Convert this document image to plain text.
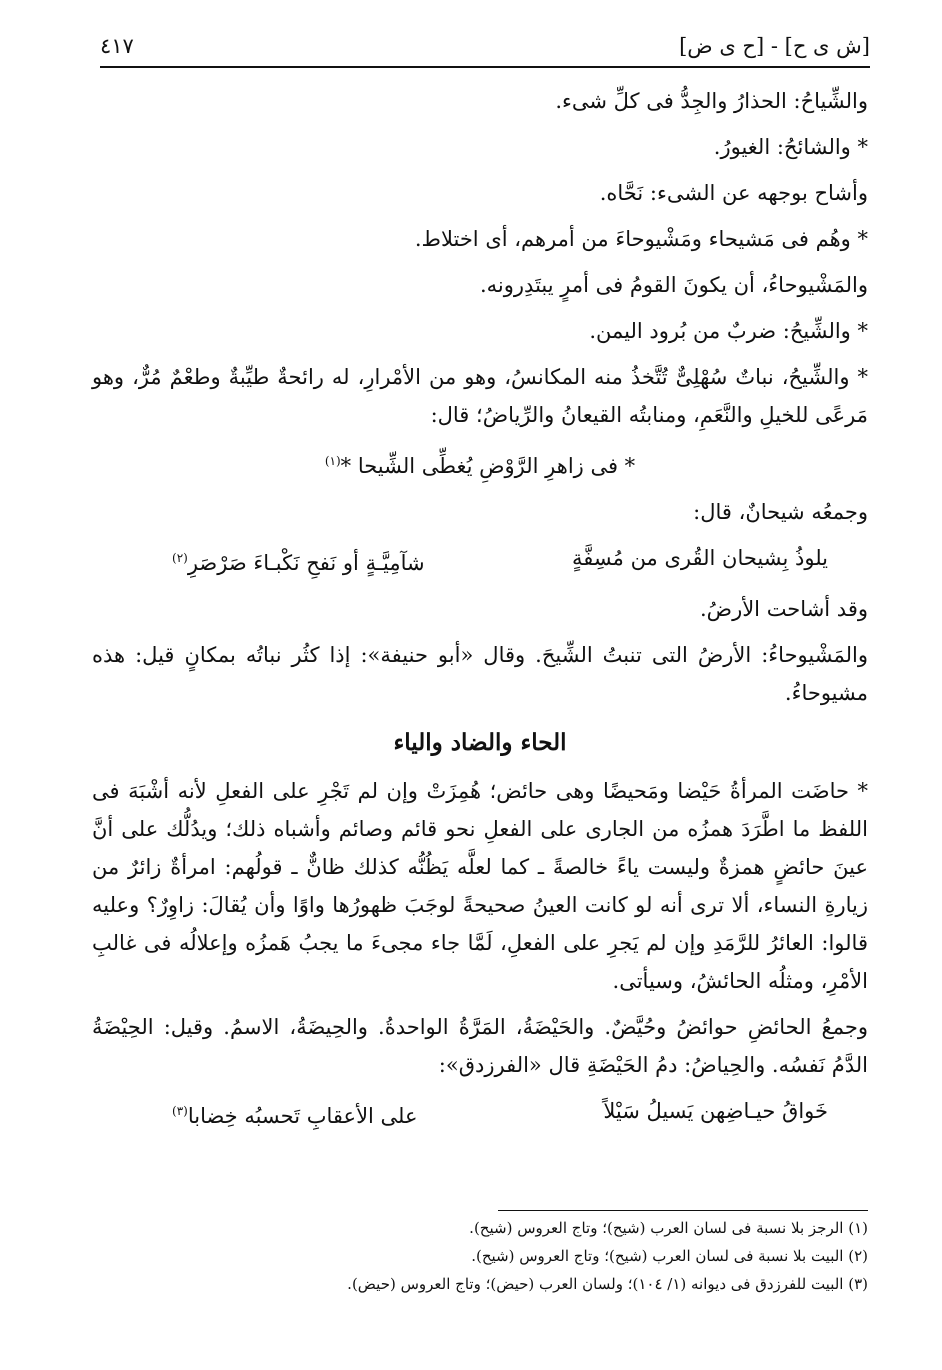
[ش ى ح] - [ح ى ض]
٤١٧

والشِّياحُ: الحذارُ والجِدُّ فى كلِّ شىء.

* والشائحُ: الغيورُ.

وأشاح بوجهه عن الشىء: نَحَّاه.

* وهُم فى مَشيحاء ومَشْيوحاءَ من أمرهم، أى اختلاط.

والمَشْيوحاءُ، أن يكونَ القومُ فى أمرٍ يبتَدِرونه.

* والشِّيحُ: ضربٌ من بُرود اليمن.

* والشِّيحُ، نباتٌ سُهْلِىٌّ تُتَّخذُ منه المكانسُ، وهو من الأمْرارِ، له رائحةٌ طيِّبةٌ وطعْمٌ مُرٌّ، وهو مَرعًى للخيلِ والنَّعَمِ، ومنابتُه القيعانُ والرِّياضُ؛ قال:

* فى زاهرِ الرَّوْضِ يُغطِّى الشِّيحا *$^{(١)}$

وجمعُه شيحانٌ، قال:

يلوذُ بِشيحان القُرى من مُسِفَّةٍ
شآمِيَّـةٍ أو نَفحِ نَكْبـاءَ صَرْصَرِ$^{(٢)}$

وقد أشاحت الأرضُ.

والمَشْيوحاءُ: الأرضُ التى تنبتُ الشِّيحَ. وقال «أبو حنيفة»: إذا كثُر نباتُه بمكانٍ قيل: هذه مشيوحاءُ.

الحاء والضاد والياء

* حاضَت المرأةُ حَيْضا ومَحيضًا وهى حائض؛ هُمِزَتْ وإن لم تَجْرِ على الفعلِ لأنه أشْبَهَ فى اللفظ ما اطَّرَدَ همزُه من الجارى على الفعلِ نحو قائم وصائم وأشباه ذلك؛ ويدُلُّك على أنَّ عينَ حائضٍ همزةٌ وليست ياءً خالصةً ـ كما لعلَّه يَظُنُّه كذلك ظانٌّ ـ قولُهم: امرأةٌ زائرٌ من زيارةِ النساء، ألا ترى أنه لو كانت العينُ صحيحةً لوجَبَ ظهورُها واوًا وأن يُقالَ: زاوِرٌ؟ وعليه قالوا: العائرُ للرَّمَدِ وإن لم يَجرِ على الفعلِ، لَمَّا جاء مجىءَ ما يجبُ هَمزُه وإعلالُه فى غالبِ الأمْرِ، ومثلُه الحائشُ، وسيأتى.

وجمعُ الحائضِ حوائضُ وحُيَّضٌ. والحَيْضَةُ، المَرَّةُ الواحدةُ. والحِيضَةُ، الاسمُ. وقيل: الحِيْضَةُ الدَّمُ نَفسُه. والحِياضُ: دمُ الحَيْضَةِ قال «الفرزدق»:

خَواقُ حيـاضِهن يَسيلُ سَيْلاً
على الأعقابِ تَحسبُه خِضابا$^{(٣)}$
(١) الرجز بلا نسبة فى لسان العرب (شيح)؛ وتاج العروس (شيح).
(٢) البيت بلا نسبة فى لسان العرب (شيح)؛ وتاج العروس (شيح).
(٣) البيت للفرزدق فى ديوانه (١/ ١٠٤)؛ ولسان العرب (حيض)؛ وتاج العروس (حيض).
